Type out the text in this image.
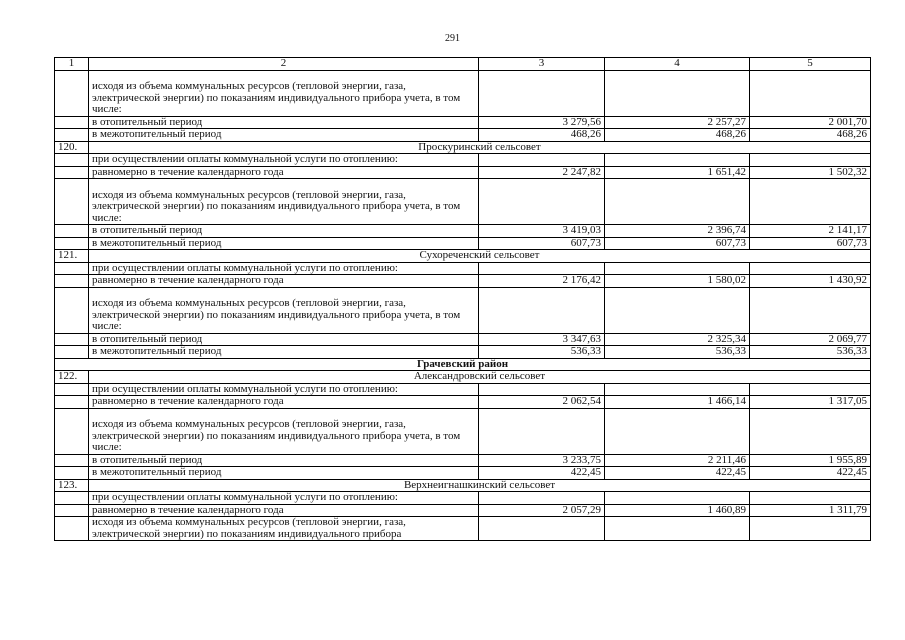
291
1	2	3	4	5
	исходя из объема коммунальных ресурсов (тепловой энергии, газа, электрической энергии) по показаниям индивидуального прибора учета, в том числе:			
	в отопительный период	3 279,56	2 257,27	2 001,70
	в межотопительный период	468,26	468,26	468,26
120.	Проскуринский сельсовет			
	при осуществлении оплаты коммунальной услуги по отоплению:			
	равномерно в течение календарного года	2 247,82	1 651,42	1 502,32
	исходя из объема коммунальных ресурсов (тепловой энергии, газа, электрической энергии) по показаниям индивидуального прибора учета, в том числе:			
	в отопительный период	3 419,03	2 396,74	2 141,17
	в межотопительный период	607,73	607,73	607,73
121.	Сухореченский сельсовет			
	при осуществлении оплаты коммунальной услуги по отоплению:			
	равномерно в течение календарного года	2 176,42	1 580,02	1 430,92
	исходя из объема коммунальных ресурсов (тепловой энергии, газа, электрической энергии) по показаниям индивидуального прибора учета, в том числе:			
	в отопительный период	3 347,63	2 325,34	2 069,77
	в межотопительный период	536,33	536,33	536,33
Грачевский район				
122.	Александровский сельсовет			
	при осуществлении оплаты коммунальной услуги по отоплению:			
	равномерно в течение календарного года	2 062,54	1 466,14	1 317,05
	исходя из объема коммунальных ресурсов (тепловой энергии, газа, электрической энергии) по показаниям индивидуального прибора учета, в том числе:			
	в отопительный период	3 233,75	2 211,46	1 955,89
	в межотопительный период	422,45	422,45	422,45
123.	Верхнеигнашкинский сельсовет			
	при осуществлении оплаты коммунальной услуги по отоплению:			
	равномерно в течение календарного года	2 057,29	1 460,89	1 311,79
	исходя из объема коммунальных ресурсов (тепловой энергии, газа, электрической энергии) по показаниям индивидуального прибора			
